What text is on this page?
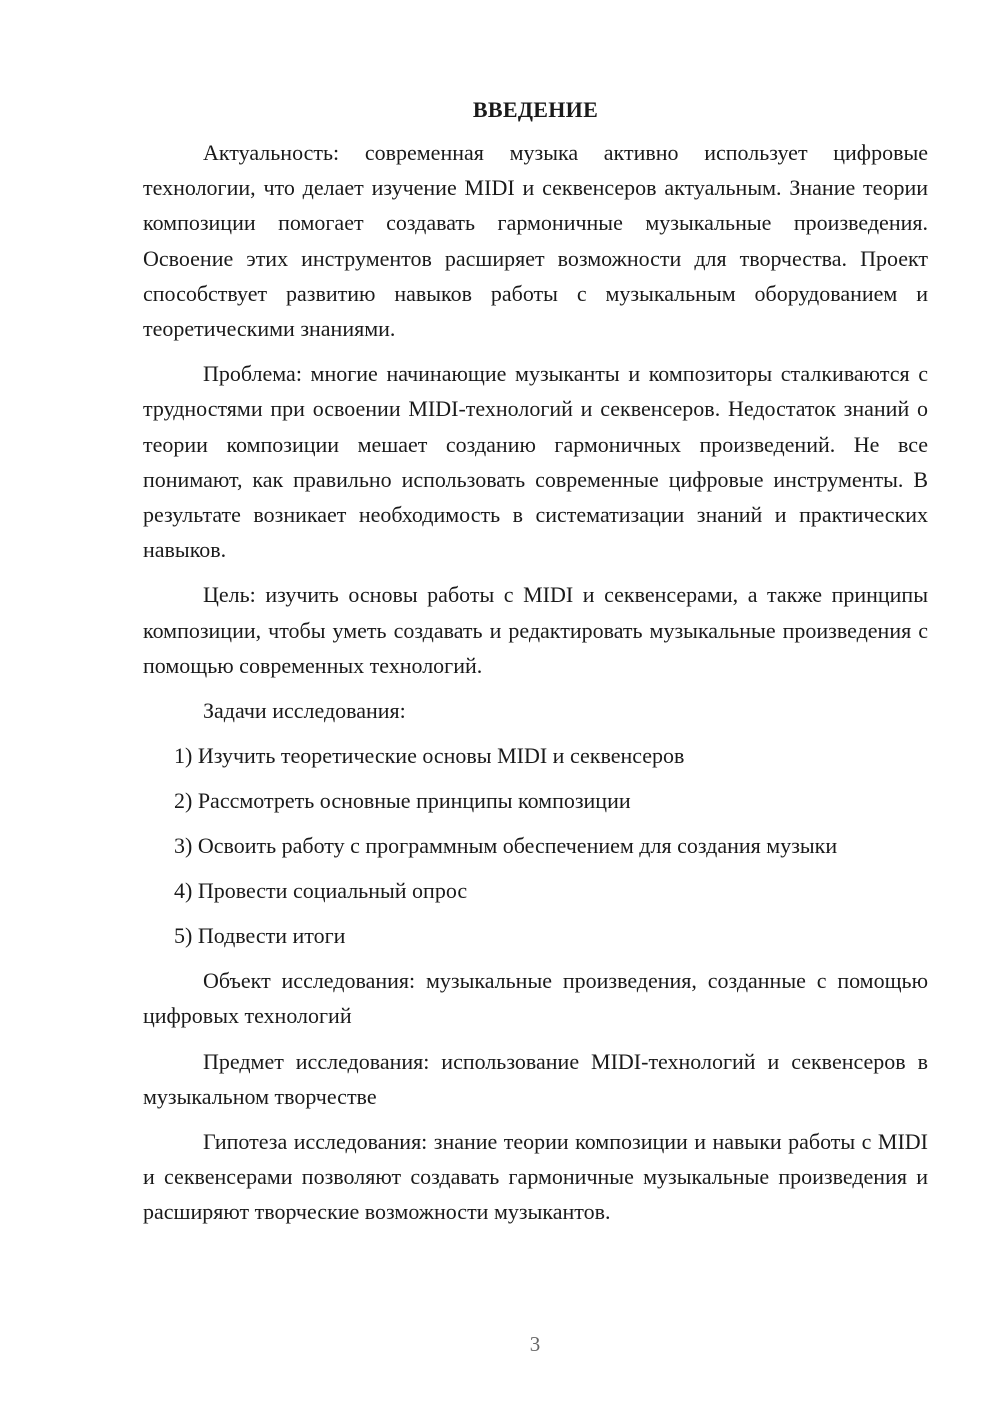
ВВЕДЕНИЕ

Актуальность: современная музыка активно использует цифровые технологии, что делает изучение MIDI и секвенсеров актуальным. Знание теории композиции помогает создавать гармоничные музыкальные произведения. Освоение этих инструментов расширяет возможности для творчества. Проект способствует развитию навыков работы с музыкальным оборудованием и теоретическими знаниями.

Проблема: многие начинающие музыканты и композиторы сталкиваются с трудностями при освоении MIDI-технологий и секвенсеров. Недостаток знаний о теории композиции мешает созданию гармоничных произведений. Не все понимают, как правильно использовать современные цифровые инструменты. В результате возникает необходимость в систематизации знаний и практических навыков.

Цель: изучить основы работы с MIDI и секвенсерами, а также принципы композиции, чтобы уметь создавать и редактировать музыкальные произведения с помощью современных технологий.

Задачи исследования:

1) Изучить теоретические основы MIDI и секвенсеров

2) Рассмотреть основные принципы композиции

3) Освоить работу с программным обеспечением для создания музыки

4) Провести социальный опрос

5) Подвести итоги

Объект исследования: музыкальные произведения, созданные с помощью цифровых технологий

Предмет исследования: использование MIDI-технологий и секвенсеров в музыкальном творчестве

Гипотеза исследования: знание теории композиции и навыки работы с MIDI и секвенсерами позволяют создавать гармоничные музыкальные произведения и расширяют творческие возможности музыкантов.

3
